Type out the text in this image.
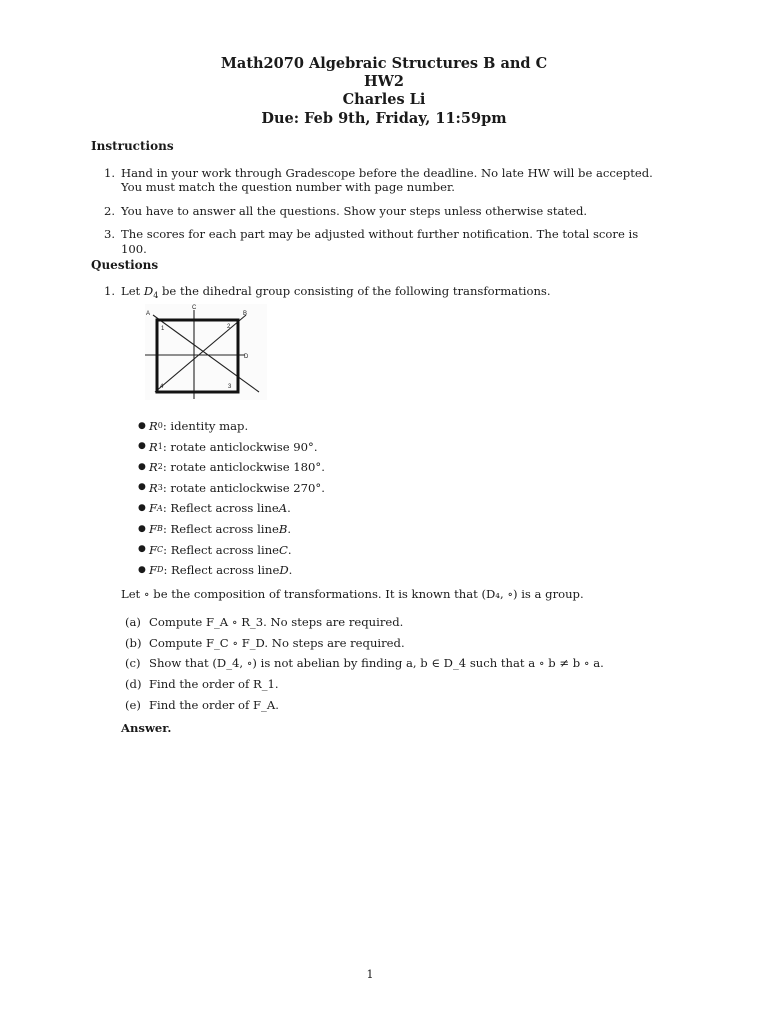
Math2070 Algebraic Structures B and C
HW2
Charles Li
Due: Feb 9th, Friday, 11:59pm
Instructions
1. Hand in your work through Gradescope before the deadline. No late HW will be accepted. You must match the question number with page number.
2. You have to answer all the questions. Show your steps unless otherwise stated.
3. The scores for each part may be adjusted without further notification. The total score is 100.
Questions
1. Let $D_4$ be the dihedral group consisting of the following transformations.
A	B
C
D
1	2
3
4
● R 0 : identity map.
● R 1 : rotate anticlockwise 90°.
● R 2 : rotate anticlockwise 180°.
● R 3 : rotate anticlockwise 270°.
● F A : Reflect across line A .
● F B : Reflect across line B .
● F C : Reflect across line C .
● F D : Reflect across line D .
Let ∘ be the composition of transformations. It is known that (D₄, ∘) is a group.
(a) Compute F_A ∘ R_3. No steps are required.
(b) Compute F_C ∘ F_D. No steps are required.
(c) Show that (D_4, ∘) is not abelian by finding a, b ∈ D_4 such that a ∘ b ≠ b ∘ a.
(d) Find the order of R_1.
(e) Find the order of F_A.
Answer.
1
